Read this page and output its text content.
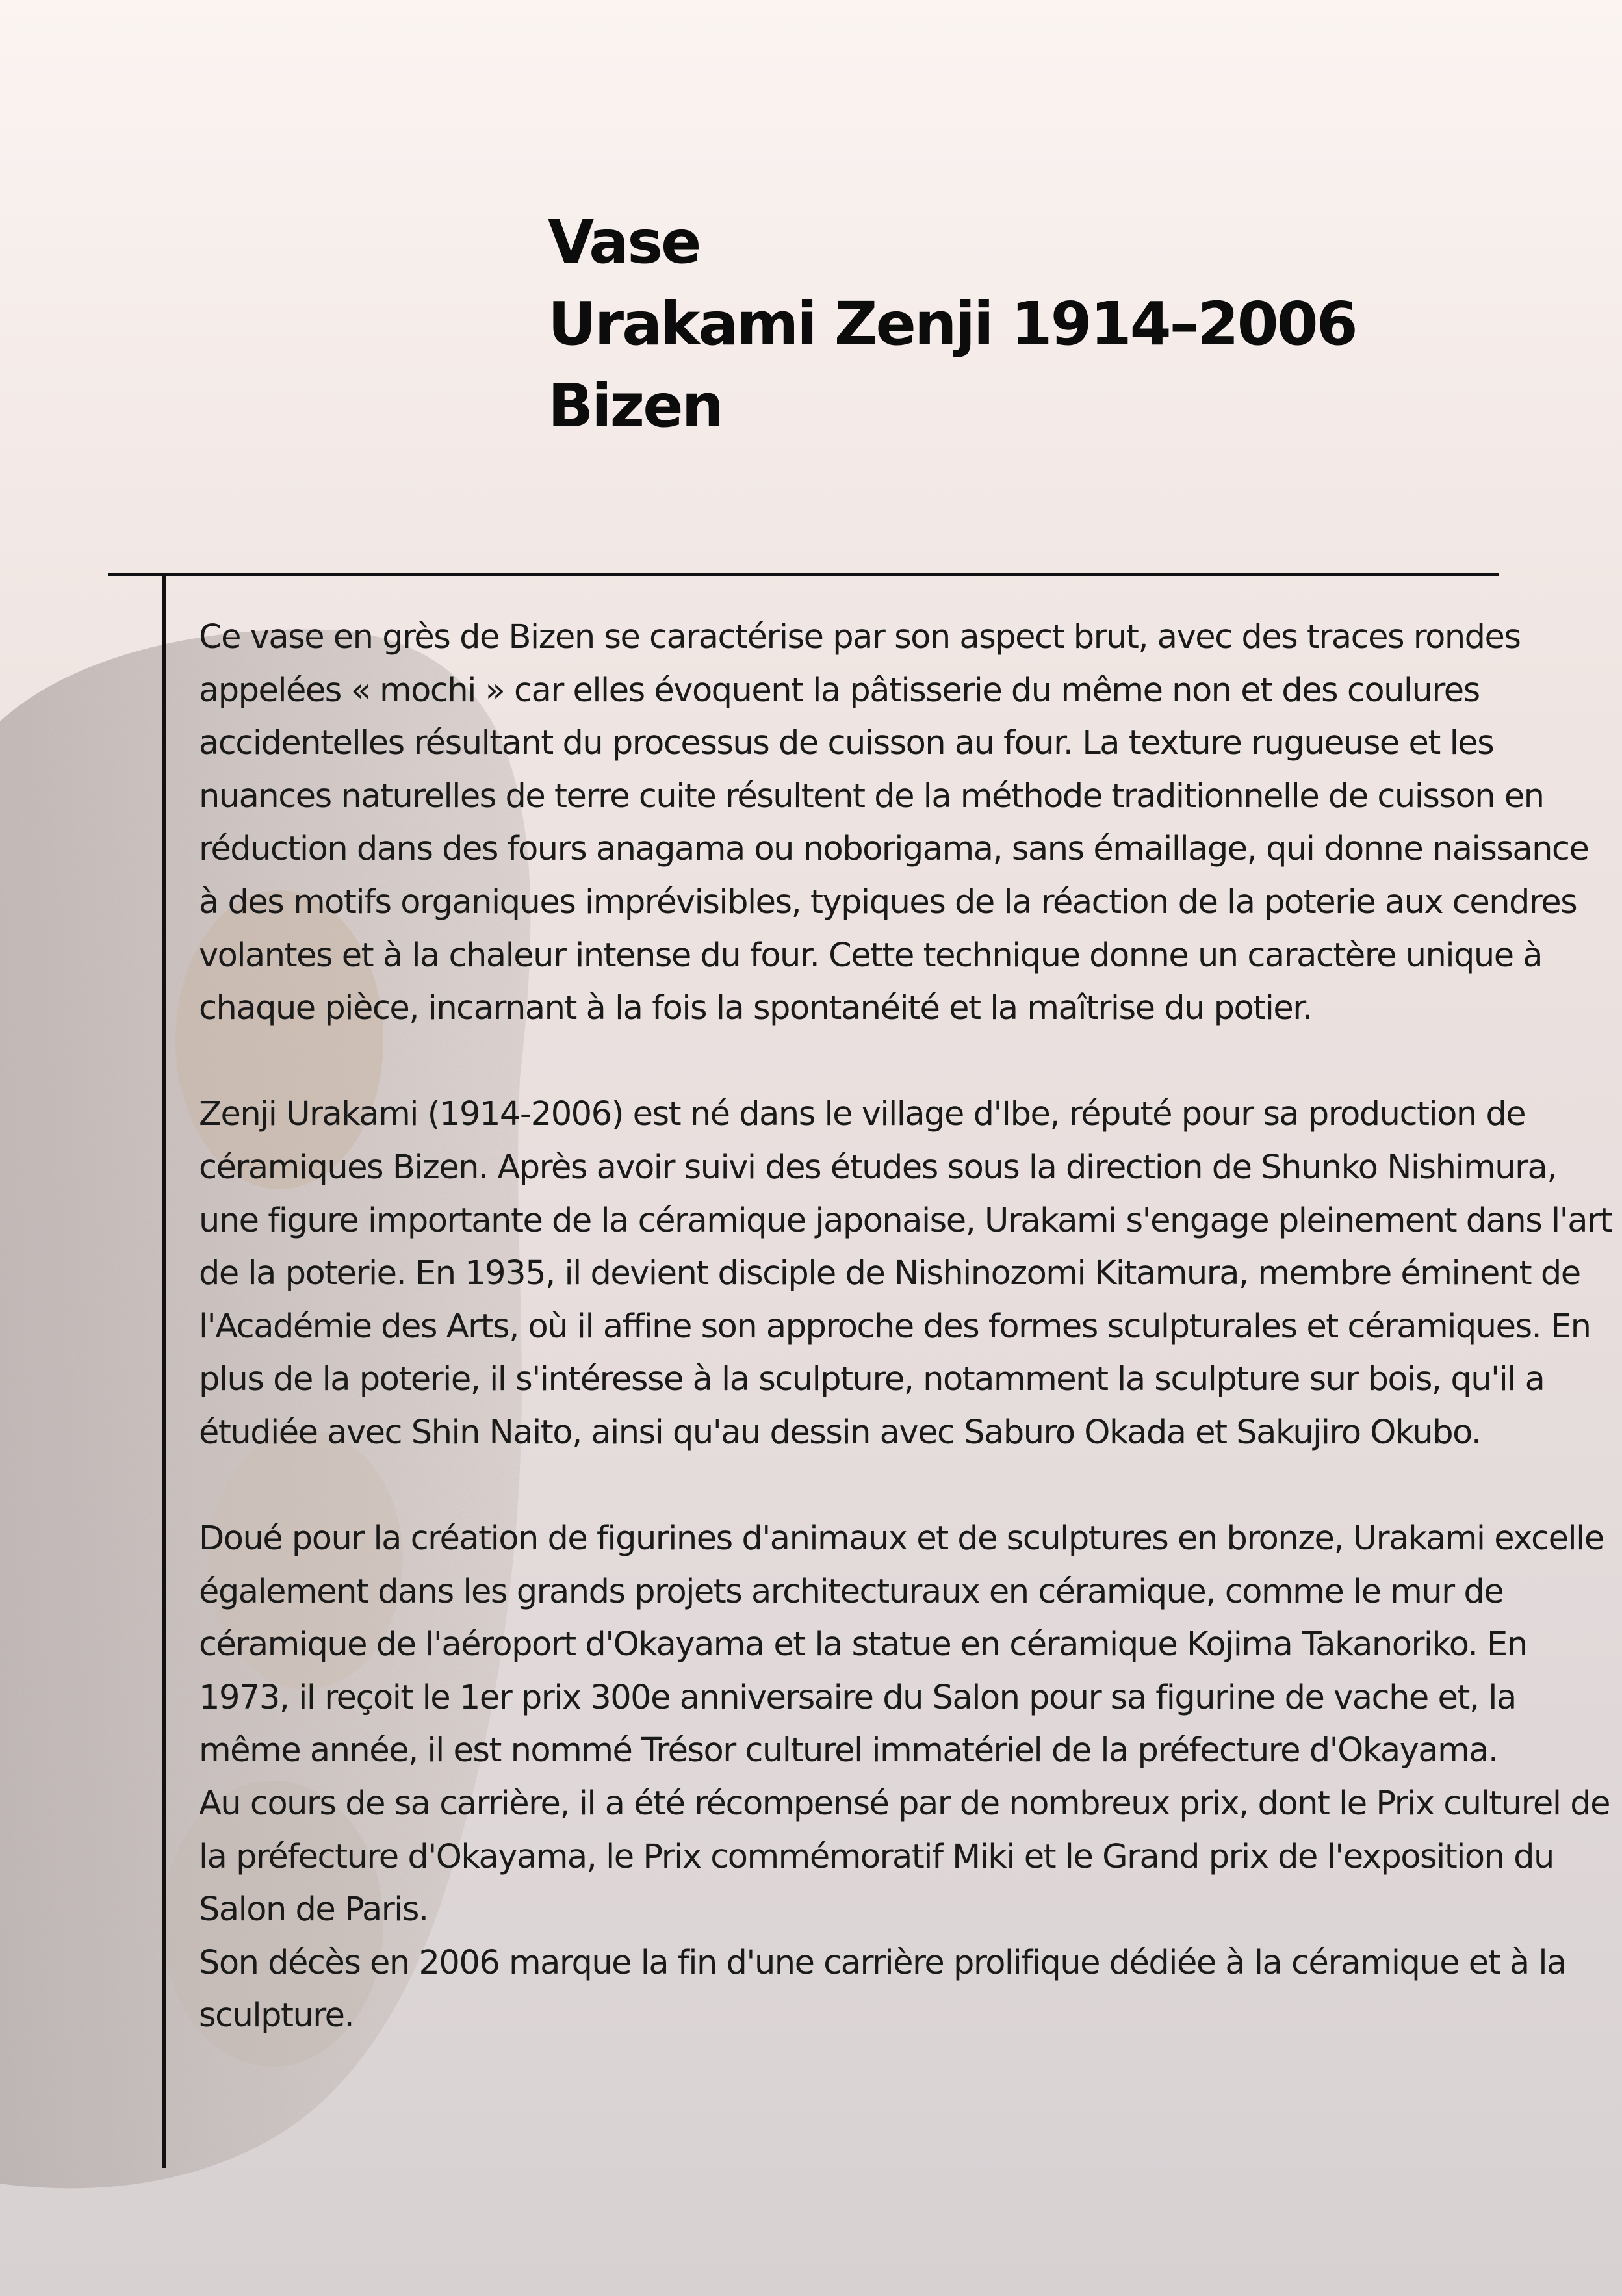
Vase
Urakami Zenji 1914–2006
Bizen

Ce vase en grès de Bizen se caractérise par son aspect brut, avec des traces rondes appelées « mochi » car elles évoquent la pâtisserie du même non et des coulures accidentelles résultant du processus de cuisson au four. La texture rugueuse et les nuances naturelles de terre cuite résultent de la méthode traditionnelle de cuisson en réduction dans des fours anagama ou noborigama, sans émaillage, qui donne naissance à des motifs organiques imprévisibles, typiques de la réaction de la poterie aux cendres volantes et à la chaleur intense du four. Cette technique donne un caractère unique à chaque pièce, incarnant à la fois la spontanéité et la maîtrise du potier.

Zenji Urakami (1914-2006) est né dans le village d'Ibe, réputé pour sa production de céramiques Bizen. Après avoir suivi des études sous la direction de Shunko Nishimura, une figure importante de la céramique japonaise, Urakami s'engage pleinement dans l'art de la poterie. En 1935, il devient disciple de Nishinozomi Kitamura, membre éminent de l'Académie des Arts, où il affine son approche des formes sculpturales et céramiques. En plus de la poterie, il s'intéresse à la sculpture, notamment la sculpture sur bois, qu'il a étudiée avec Shin Naito, ainsi qu'au dessin avec Saburo Okada et Sakujiro Okubo.

Doué pour la création de figurines d'animaux et de sculptures en bronze, Urakami excelle également dans les grands projets architecturaux en céramique, comme le mur de céramique de l'aéroport d'Okayama et la statue en céramique Kojima Takanoriko. En 1973, il reçoit le 1er prix 300e anniversaire du Salon pour sa figurine de vache et, la même année, il est nommé Trésor culturel immatériel de la préfecture d'Okayama.

Au cours de sa carrière, il a été récompensé par de nombreux prix, dont le Prix culturel de la préfecture d'Okayama, le Prix commémoratif Miki et le Grand prix de l'exposition du Salon de Paris.

Son décès en 2006 marque la fin d'une carrière prolifique dédiée à la céramique et à la sculpture.
